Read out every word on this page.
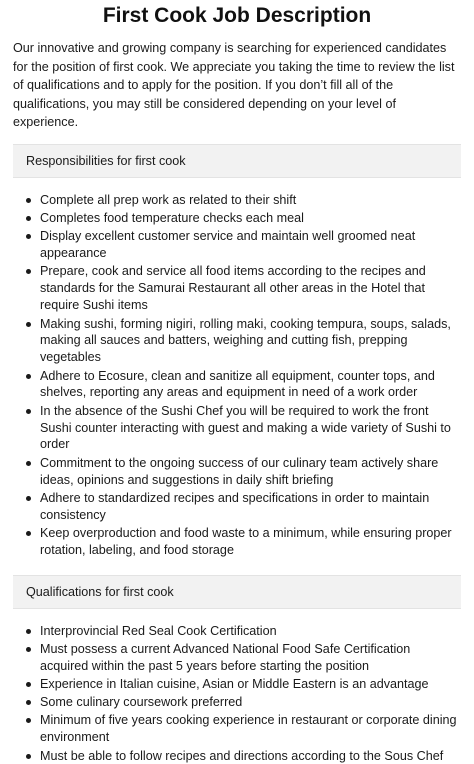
First Cook Job Description

Our innovative and growing company is searching for experienced candidates for the position of first cook. We appreciate you taking the time to review the list of qualifications and to apply for the position. If you don’t fill all of the qualifications, you may still be considered depending on your level of experience.

Responsibilities for first cook
Complete all prep work as related to their shift
Completes food temperature checks each meal
Display excellent customer service and maintain well groomed neat appearance
Prepare, cook and service all food items according to the recipes and standards for the Samurai Restaurant all other areas in the Hotel that require Sushi items
Making sushi, forming nigiri, rolling maki, cooking tempura, soups, salads, making all sauces and batters, weighing and cutting fish, prepping vegetables
Adhere to Ecosure, clean and sanitize all equipment, counter tops, and shelves, reporting any areas and equipment in need of a work order
In the absence of the Sushi Chef you will be required to work the front Sushi counter interacting with guest and making a wide variety of Sushi to order
Commitment to the ongoing success of our culinary team actively share ideas, opinions and suggestions in daily shift briefing
Adhere to standardized recipes and specifications in order to maintain consistency
Keep overproduction and food waste to a minimum, while ensuring proper rotation, labeling, and food storage
Qualifications for first cook
Interprovincial Red Seal Cook Certification
Must possess a current Advanced National Food Safe Certification acquired within the past 5 years before starting the position
Experience in Italian cuisine, Asian or Middle Eastern is an advantage
Some culinary coursework preferred
Minimum of five years cooking experience in restaurant or corporate dining environment
Must be able to follow recipes and directions according to the Sous Chef
